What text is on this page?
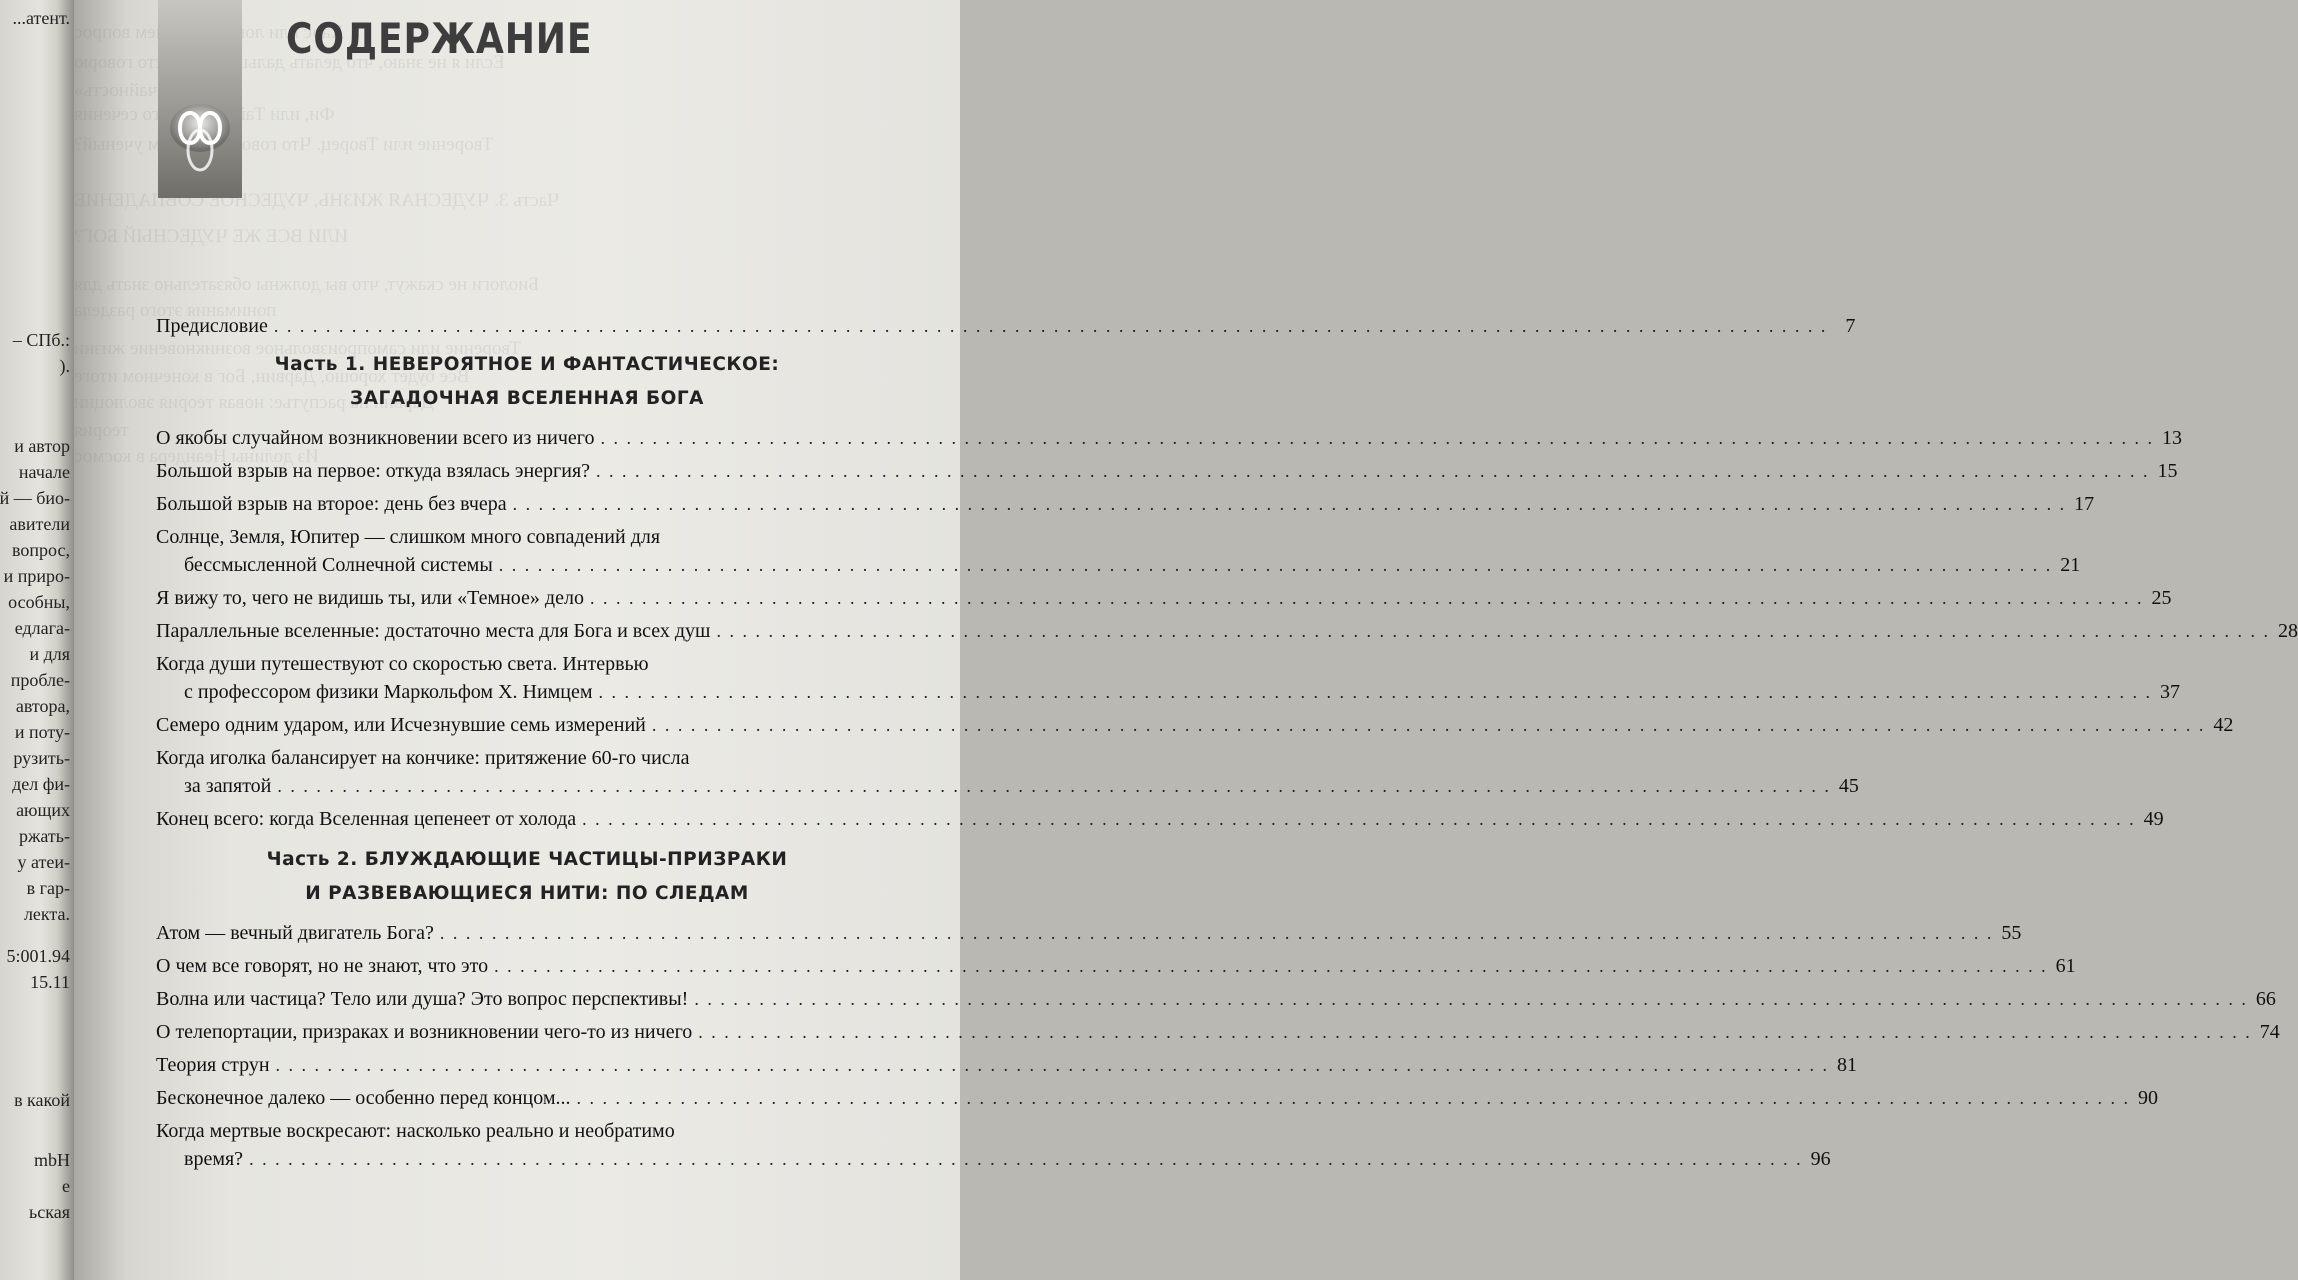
...атент.
– СПб.:
).
и автор
начале
й — био-
авители
вопрос,
и приро-
особны,
едлага-
и для
пробле-
автора,
и поту-
рузить-
дел фи-
ающих
ржать-
у атеи-
в гар-
лекта.
5:001.94
15.11
в какой
mbH
е
ьская
Хаос или чем вопрос
Если я не знаю, что делать дальше, то просто говорю
«случайность»
Фи, или сечения
Творение или Творец. Что говорит об этом ученый?
Часть 3. ЧУДЕСНАЯ ЖИЗНЬ, ЧУДЕСНОЕ СОВПАДЕНИЕ
ИЛИ ВСЕ ЖЕ ЧУДЕСНЫЙ БОГ?
Биологи не скажут, что вы должны обязательно знать для
понимания этого раздела
Творение или самопроизвольное возникновение жизни
Все будет хорошо, Дарвин, Бог в конечном итоге
Дарвин на распутье: новая теория эволюции
теория
Из долины Неандера в космос
СОДЕРЖАНИЕ
Предисловие . . . . . . . . . . . . . . . . . . . . . . . . . . . . . . . . . . . . . . . . . . . . . . . . . . . . . . . . . . . . . . . . . . . . . . . . . . . . . . . . . . . . . . . . . . . . . . . . . . . . . . . . . . . . . . . . . . . . . . . . 7
Часть 1. НЕВЕРОЯТНОЕ И ФАНТАСТИЧЕСКОЕ:
ЗАГАДОЧНАЯ ВСЕЛЕННАЯ БОГА
О якобы случайном возникновении всего из ничего . . . . . . . . . . . . . . . . . . . . . . . . . . . . . . . . . . . . . . . . . . . . . . . . . . . . . . . . . . . . . . . . . . . . . . . . . . . . . . . . . . . . . . . . . . . . . . . . . . . . . . . . . . . . . . . . . . . . . . . . 13
Большой взрыв на первое: откуда взялась энергия? . . . . . . . . . . . . . . . . . . . . . . . . . . . . . . . . . . . . . . . . . . . . . . . . . . . . . . . . . . . . . . . . . . . . . . . . . . . . . . . . . . . . . . . . . . . . . . . . . . . . . . . . . . . . . . . . . . . . . . . . 15
Большой взрыв на второе: день без вчера . . . . . . . . . . . . . . . . . . . . . . . . . . . . . . . . . . . . . . . . . . . . . . . . . . . . . . . . . . . . . . . . . . . . . . . . . . . . . . . . . . . . . . . . . . . . . . . . . . . . . . . . . . . . . . . . . . . . . . . . 17
Солнце, Земля, Юпитер — слишком много совпадений для
бессмысленной Солнечной системы . . . . . . . . . . . . . . . . . . . . . . . . . . . . . . . . . . . . . . . . . . . . . . . . . . . . . . . . . . . . . . . . . . . . . . . . . . . . . . . . . . . . . . . . . . . . . . . . . . . . . . . . . . . . . . . . . . . . . . . . 21
Я вижу то, чего не видишь ты, или «Темное» дело . . . . . . . . . . . . . . . . . . . . . . . . . . . . . . . . . . . . . . . . . . . . . . . . . . . . . . . . . . . . . . . . . . . . . . . . . . . . . . . . . . . . . . . . . . . . . . . . . . . . . . . . . . . . . . . . . . . . . . . . 25
Параллельные вселенные: достаточно места для Бога и всех душ . . . . . . . . . . . . . . . . . . . . . . . . . . . . . . . . . . . . . . . . . . . . . . . . . . . . . . . . . . . . . . . . . . . . . . . . . . . . . . . . . . . . . . . . . . . . . . . . . . . . . . . . . . . . . . . . . . . . . . . . 28
Когда души путешествуют со скоростью света. Интервью
с профессором физики Маркольфом Х. Нимцем . . . . . . . . . . . . . . . . . . . . . . . . . . . . . . . . . . . . . . . . . . . . . . . . . . . . . . . . . . . . . . . . . . . . . . . . . . . . . . . . . . . . . . . . . . . . . . . . . . . . . . . . . . . . . . . . . . . . . . . . 37
Семеро одним ударом, или Исчезнувшие семь измерений . . . . . . . . . . . . . . . . . . . . . . . . . . . . . . . . . . . . . . . . . . . . . . . . . . . . . . . . . . . . . . . . . . . . . . . . . . . . . . . . . . . . . . . . . . . . . . . . . . . . . . . . . . . . . . . . . . . . . . . . 42
Когда иголка балансирует на кончике: притяжение 60-го числа
за запятой . . . . . . . . . . . . . . . . . . . . . . . . . . . . . . . . . . . . . . . . . . . . . . . . . . . . . . . . . . . . . . . . . . . . . . . . . . . . . . . . . . . . . . . . . . . . . . . . . . . . . . . . . . . . . . . . . . . . . . . . 45
Конец всего: когда Вселенная цепенеет от холода . . . . . . . . . . . . . . . . . . . . . . . . . . . . . . . . . . . . . . . . . . . . . . . . . . . . . . . . . . . . . . . . . . . . . . . . . . . . . . . . . . . . . . . . . . . . . . . . . . . . . . . . . . . . . . . . . . . . . . . . 49
Часть 2. БЛУЖДАЮЩИЕ ЧАСТИЦЫ-ПРИЗРАКИ
И РАЗВЕВАЮЩИЕСЯ НИТИ: ПО СЛЕДАМ
Атом — вечный двигатель Бога? . . . . . . . . . . . . . . . . . . . . . . . . . . . . . . . . . . . . . . . . . . . . . . . . . . . . . . . . . . . . . . . . . . . . . . . . . . . . . . . . . . . . . . . . . . . . . . . . . . . . . . . . . . . . . . . . . . . . . . . . 55
О чем все говорят, но не знают, что это . . . . . . . . . . . . . . . . . . . . . . . . . . . . . . . . . . . . . . . . . . . . . . . . . . . . . . . . . . . . . . . . . . . . . . . . . . . . . . . . . . . . . . . . . . . . . . . . . . . . . . . . . . . . . . . . . . . . . . . . 61
Волна или частица? Тело или душа? Это вопрос перспективы! . . . . . . . . . . . . . . . . . . . . . . . . . . . . . . . . . . . . . . . . . . . . . . . . . . . . . . . . . . . . . . . . . . . . . . . . . . . . . . . . . . . . . . . . . . . . . . . . . . . . . . . . . . . . . . . . . . . . . . . . 66
О телепортации, призраках и возникновении чего-то из ничего . . . . . . . . . . . . . . . . . . . . . . . . . . . . . . . . . . . . . . . . . . . . . . . . . . . . . . . . . . . . . . . . . . . . . . . . . . . . . . . . . . . . . . . . . . . . . . . . . . . . . . . . . . . . . . . . . . . . . . . . 74
Теория струн . . . . . . . . . . . . . . . . . . . . . . . . . . . . . . . . . . . . . . . . . . . . . . . . . . . . . . . . . . . . . . . . . . . . . . . . . . . . . . . . . . . . . . . . . . . . . . . . . . . . . . . . . . . . . . . . . . . . . . . . 81
Бесконечное далеко — особенно перед концом... . . . . . . . . . . . . . . . . . . . . . . . . . . . . . . . . . . . . . . . . . . . . . . . . . . . . . . . . . . . . . . . . . . . . . . . . . . . . . . . . . . . . . . . . . . . . . . . . . . . . . . . . . . . . . . . . . . . . . . . . 90
Когда мертвые воскресают: насколько реально и необратимо
время? . . . . . . . . . . . . . . . . . . . . . . . . . . . . . . . . . . . . . . . . . . . . . . . . . . . . . . . . . . . . . . . . . . . . . . . . . . . . . . . . . . . . . . . . . . . . . . . . . . . . . . . . . . . . . . . . . . . . . . . . 96
